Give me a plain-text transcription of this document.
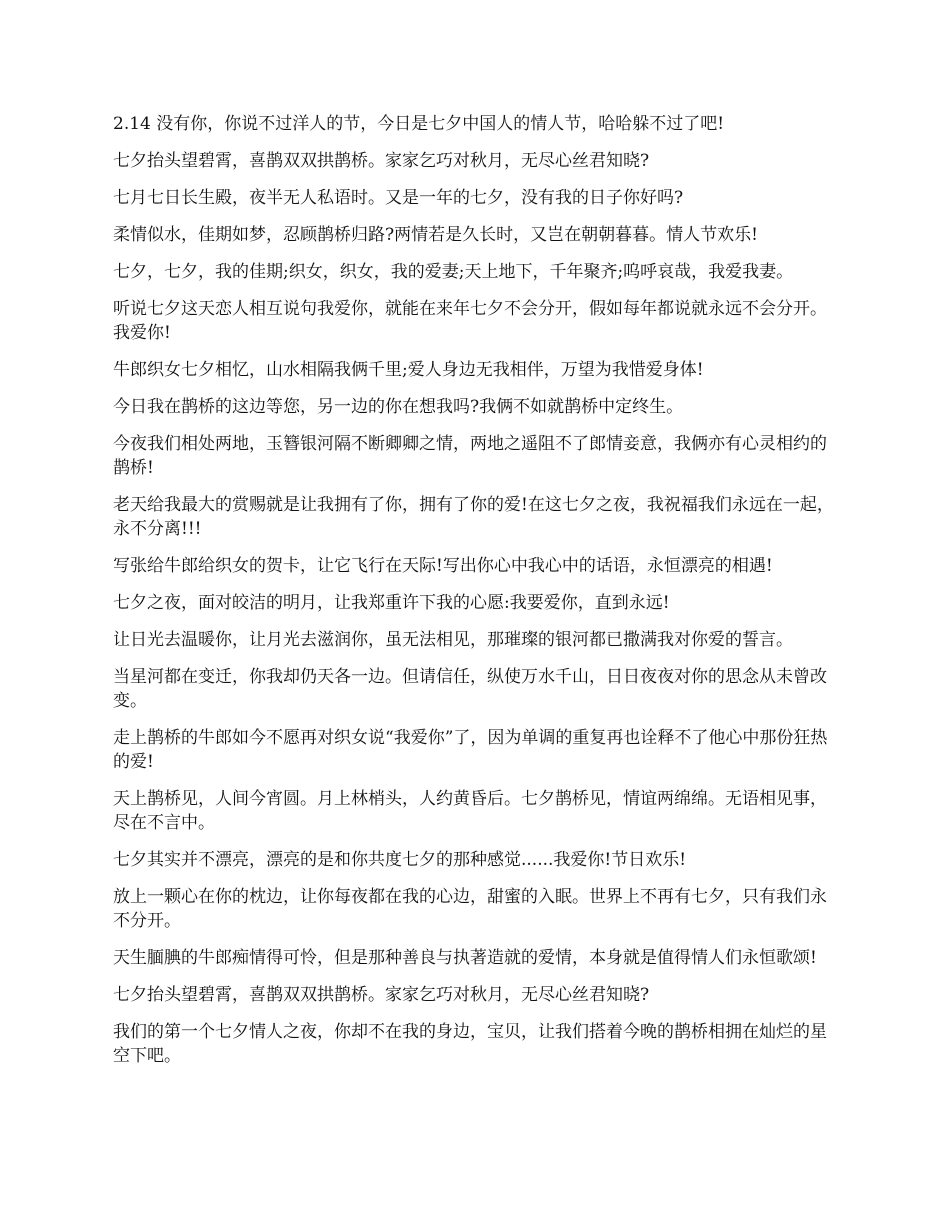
2.14 没有你，你说不过洋人的节，今日是七夕中国人的情人节，哈哈躲不过了吧!

七夕抬头望碧霄，喜鹊双双拱鹊桥。家家乞巧对秋月，无尽心丝君知晓?

七月七日长生殿，夜半无人私语时。又是一年的七夕，没有我的日子你好吗?

柔情似水，佳期如梦，忍顾鹊桥归路?两情若是久长时，又岂在朝朝暮暮。情人节欢乐!

七夕，七夕，我的佳期;织女，织女，我的爱妻;天上地下，千年聚齐;呜呼哀哉，我爱我妻。

听说七夕这天恋人相互说句我爱你，就能在来年七夕不会分开，假如每年都说就永远不会分开。我爱你!

牛郎织女七夕相忆，山水相隔我俩千里;爱人身边无我相伴，万望为我惜爱身体!

今日我在鹊桥的这边等您，另一边的你在想我吗?我俩不如就鹊桥中定终生。

今夜我们相处两地，玉簪银河隔不断卿卿之情，两地之遥阻不了郎情妾意，我俩亦有心灵相约的鹊桥!

老天给我最大的赏赐就是让我拥有了你，拥有了你的爱!在这七夕之夜，我祝福我们永远在一起，永不分离!!!

写张给牛郎给织女的贺卡，让它飞行在天际!写出你心中我心中的话语，永恒漂亮的相遇!

七夕之夜，面对皎洁的明月，让我郑重许下我的心愿:我要爱你，直到永远!

让日光去温暖你，让月光去滋润你，虽无法相见，那璀璨的银河都已撒满我对你爱的誓言。

当星河都在变迁，你我却仍天各一边。但请信任，纵使万水千山，日日夜夜对你的思念从未曾改变。

走上鹊桥的牛郎如今不愿再对织女说“我爱你”了，因为单调的重复再也诠释不了他心中那份狂热的爱!

天上鹊桥见，人间今宵圆。月上林梢头，人约黄昏后。七夕鹊桥见，情谊两绵绵。无语相见事，尽在不言中。

七夕其实并不漂亮，漂亮的是和你共度七夕的那种感觉......我爱你!节日欢乐!

放上一颗心在你的枕边，让你每夜都在我的心边，甜蜜的入眠。世界上不再有七夕，只有我们永不分开。

天生腼腆的牛郎痴情得可怜，但是那种善良与执著造就的爱情，本身就是值得情人们永恒歌颂!

七夕抬头望碧霄，喜鹊双双拱鹊桥。家家乞巧对秋月，无尽心丝君知晓?

我们的第一个七夕情人之夜，你却不在我的身边，宝贝，让我们搭着今晚的鹊桥相拥在灿烂的星空下吧。
